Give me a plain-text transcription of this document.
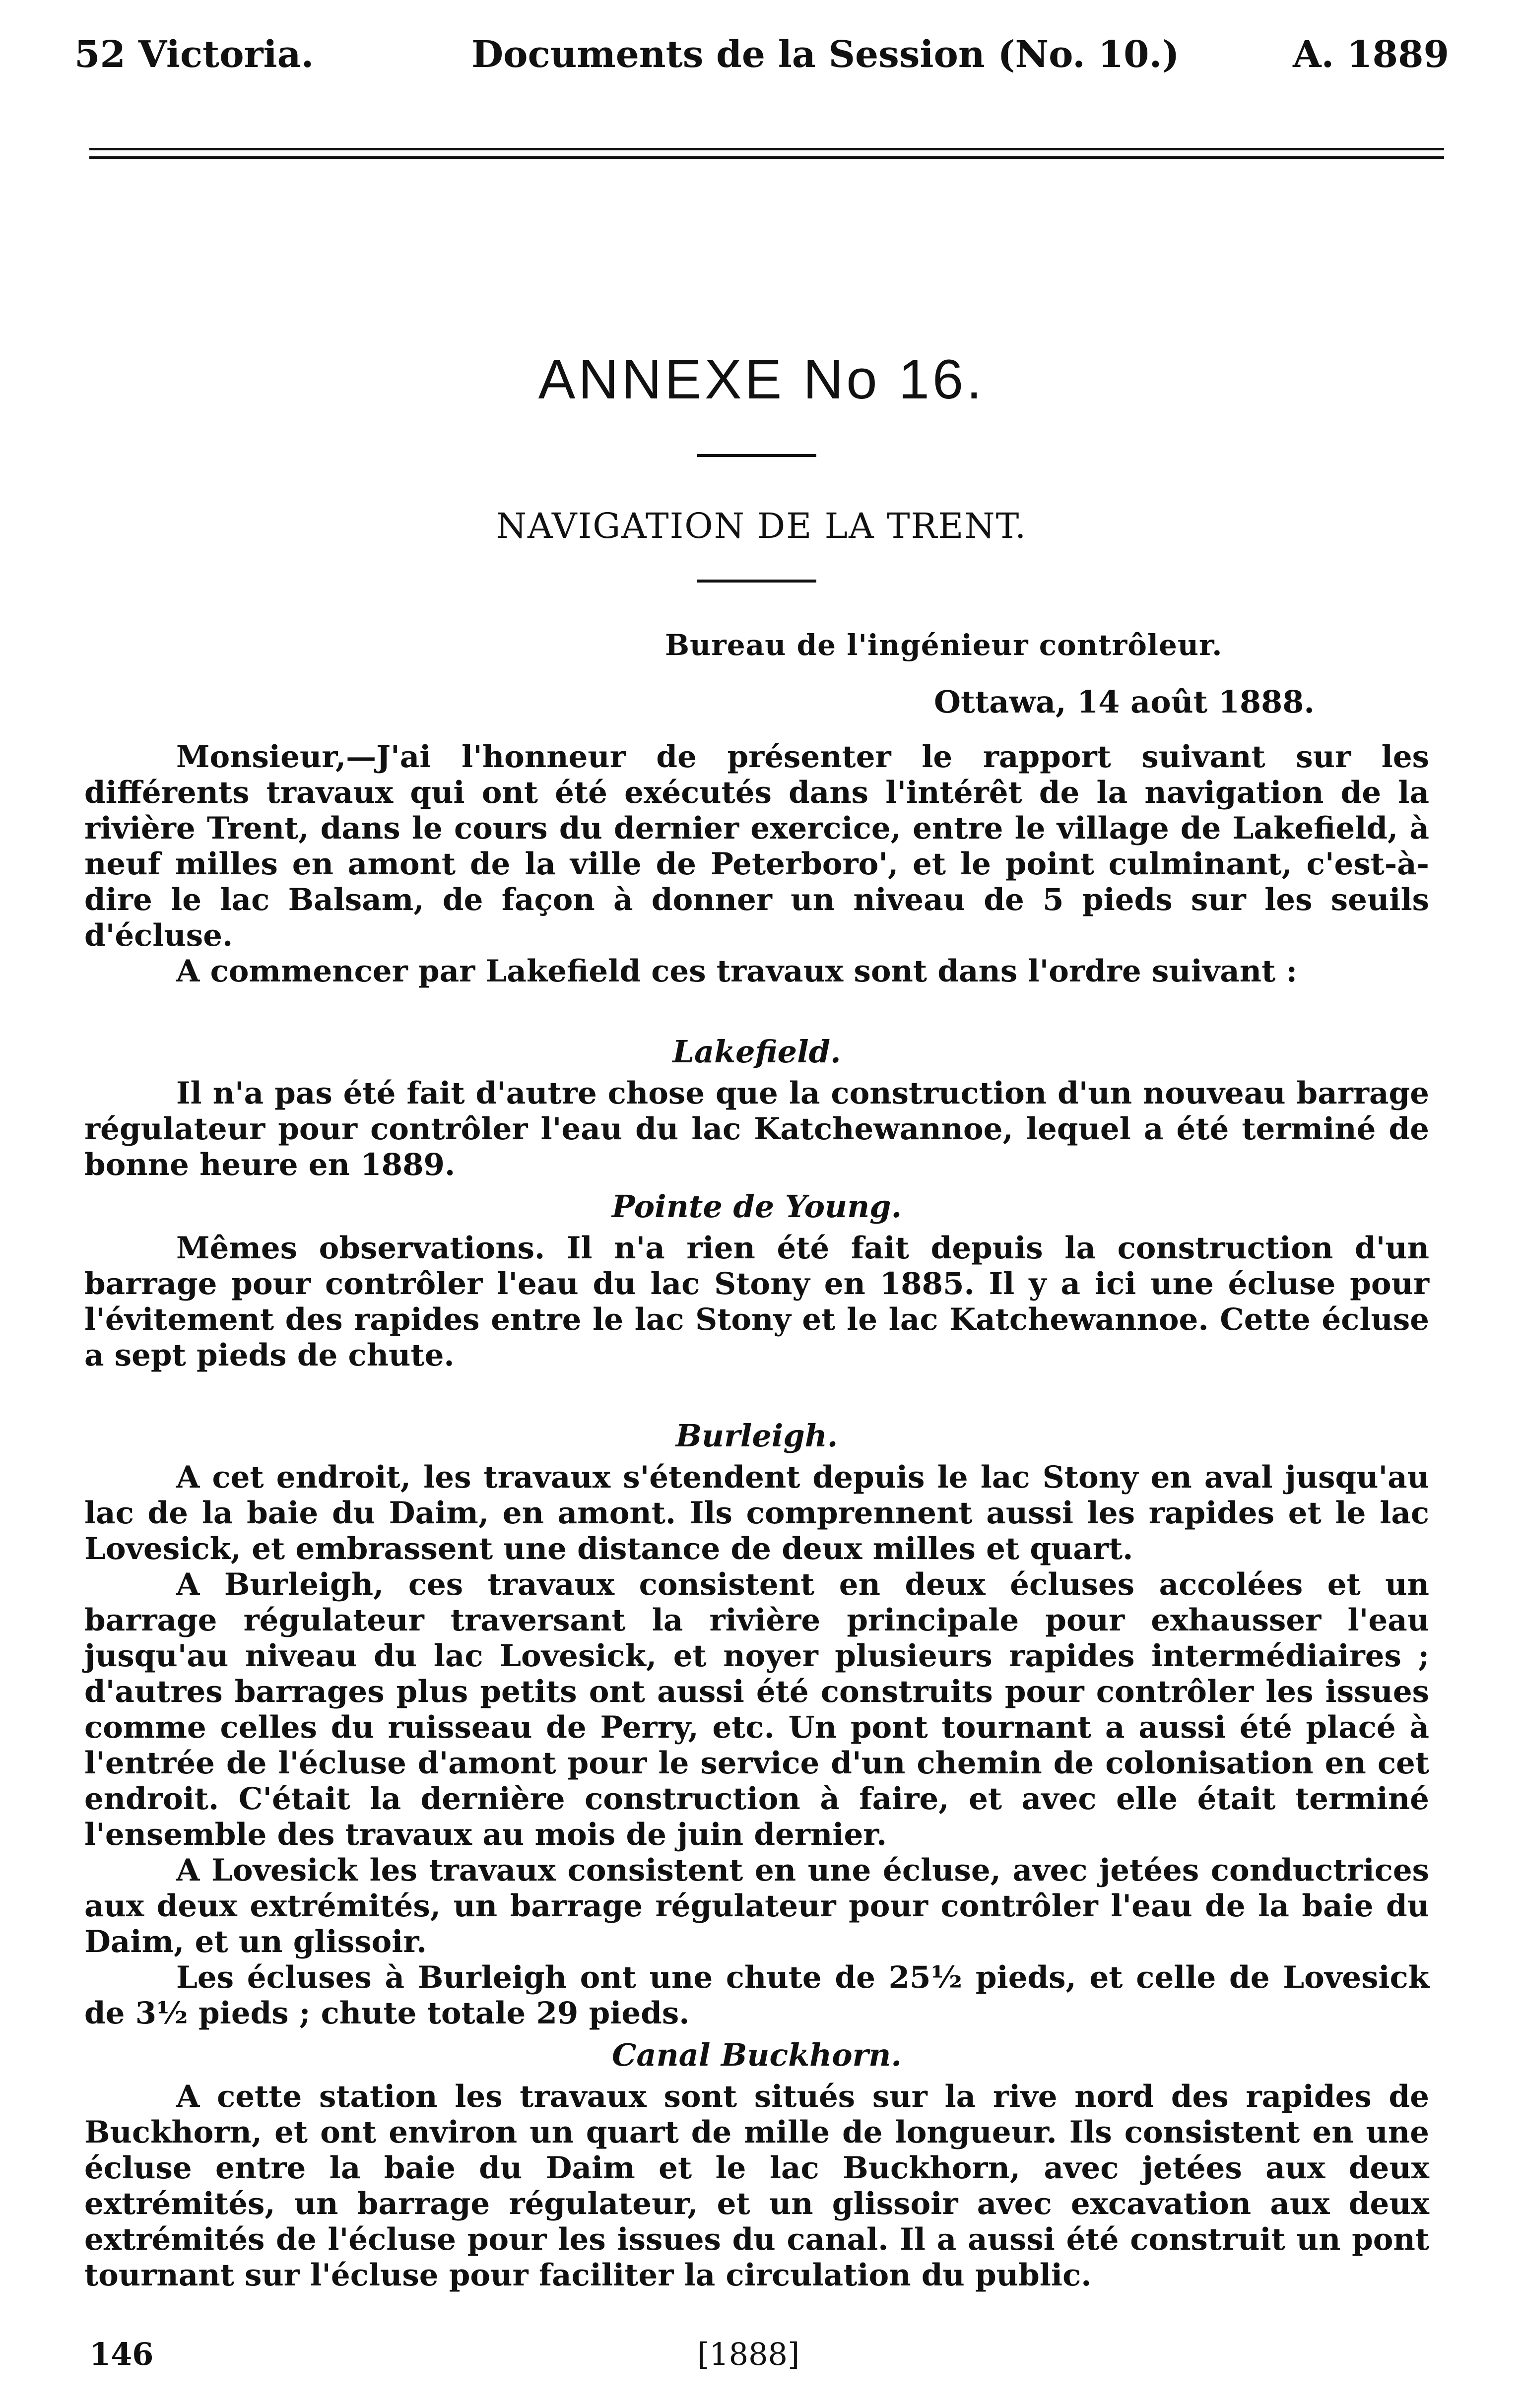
52 Victoria.	Documents de la Session (No. 10.)	A. 1889
ANNEXE No 16.
NAVIGATION DE LA TRENT.
Bureau de l'ingénieur contrôleur.
Ottawa, 14 août 1888.

Monsieur,—J'ai l'honneur de présenter le rapport suivant sur les différents travaux qui ont été exécutés dans l'intérêt de la navigation de la rivière Trent, dans le cours du dernier exercice, entre le village de Lakefield, à neuf milles en amont de la ville de Peterboro', et le point culminant, c'est-à-dire le lac Balsam, de façon à donner un niveau de 5 pieds sur les seuils d'écluse.

A commencer par Lakefield ces travaux sont dans l'ordre suivant :

Lakefield.

Il n'a pas été fait d'autre chose que la construction d'un nouveau barrage régulateur pour contrôler l'eau du lac Katchewannoe, lequel a été terminé de bonne heure en 1889.

Pointe de Young.

Mêmes observations. Il n'a rien été fait depuis la construction d'un barrage pour contrôler l'eau du lac Stony en 1885. Il y a ici une écluse pour l'évitement des rapides entre le lac Stony et le lac Katchewannoe. Cette écluse a sept pieds de chute.

Burleigh.

A cet endroit, les travaux s'étendent depuis le lac Stony en aval jusqu'au lac de la baie du Daim, en amont. Ils comprennent aussi les rapides et le lac Lovesick, et embrassent une distance de deux milles et quart.

A Burleigh, ces travaux consistent en deux écluses accolées et un barrage régulateur traversant la rivière principale pour exhausser l'eau jusqu'au niveau du lac Lovesick, et noyer plusieurs rapides intermédiaires ; d'autres barrages plus petits ont aussi été construits pour contrôler les issues comme celles du ruisseau de Perry, etc. Un pont tournant a aussi été placé à l'entrée de l'écluse d'amont pour le service d'un chemin de colonisation en cet endroit. C'était la dernière construction à faire, et avec elle était terminé l'ensemble des travaux au mois de juin dernier.

A Lovesick les travaux consistent en une écluse, avec jetées conductrices aux deux extrémités, un barrage régulateur pour contrôler l'eau de la baie du Daim, et un glissoir.

Les écluses à Burleigh ont une chute de 25½ pieds, et celle de Lovesick de 3½ pieds ; chute totale 29 pieds.

Canal Buckhorn.

A cette station les travaux sont situés sur la rive nord des rapides de Buckhorn, et ont environ un quart de mille de longueur. Ils consistent en une écluse entre la baie du Daim et le lac Buckhorn, avec jetées aux deux extrémités, un barrage régulateur, et un glissoir avec excavation aux deux extrémités de l'écluse pour les issues du canal. Il a aussi été construit un pont tournant sur l'écluse pour faciliter la circulation du public.

146	[1888]
